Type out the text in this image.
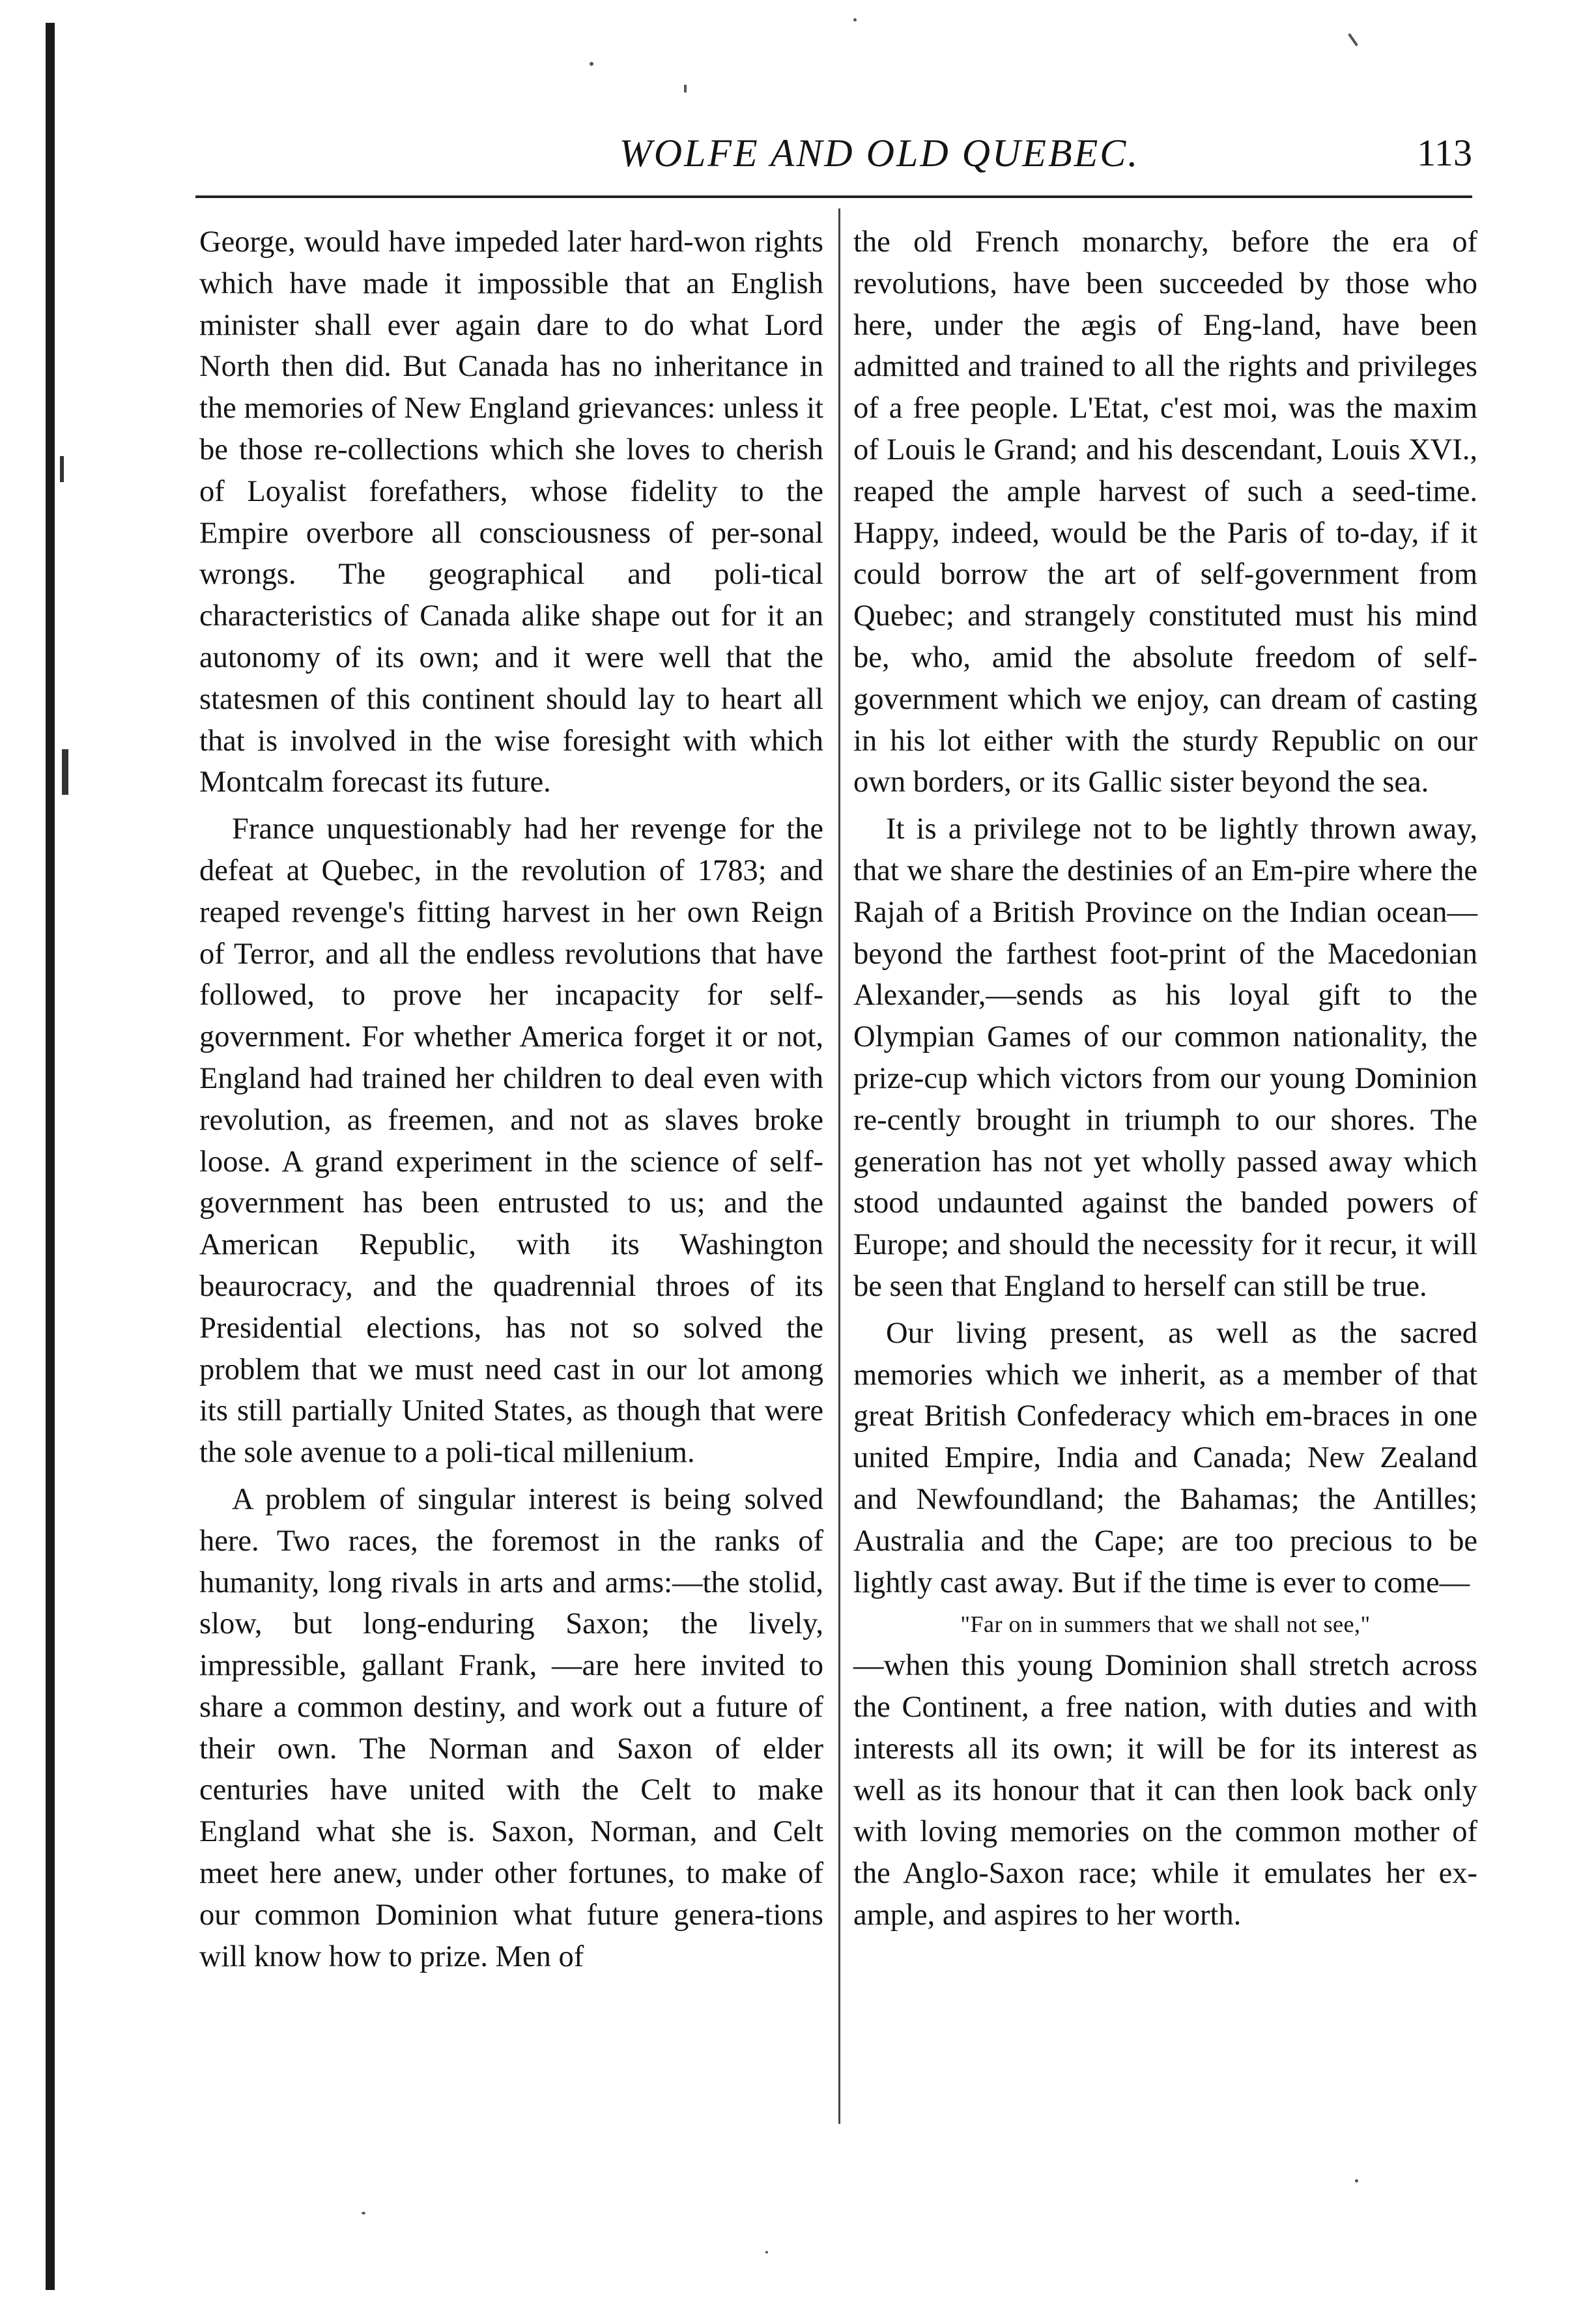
WOLFE AND OLD QUEBEC.	113

George, would have impeded later hard-won rights which have made it impossible that an English minister shall ever again dare to do what Lord North then did. But Canada has no inheritance in the memories of New England grievances: unless it be those re-collections which she loves to cherish of Loyalist forefathers, whose fidelity to the Empire overbore all consciousness of per-sonal wrongs. The geographical and poli-tical characteristics of Canada alike shape out for it an autonomy of its own; and it were well that the statesmen of this continent should lay to heart all that is involved in the wise foresight with which Montcalm forecast its future.

France unquestionably had her revenge for the defeat at Quebec, in the revolution of 1783; and reaped revenge's fitting harvest in her own Reign of Terror, and all the endless revolutions that have followed, to prove her incapacity for self-government. For whether America forget it or not, England had trained her children to deal even with revolution, as freemen, and not as slaves broke loose. A grand experiment in the science of self-government has been entrusted to us; and the American Republic, with its Washington beaurocracy, and the quadrennial throes of its Presidential elections, has not so solved the problem that we must need cast in our lot among its still partially United States, as though that were the sole avenue to a poli-tical millenium.

A problem of singular interest is being solved here. Two races, the foremost in the ranks of humanity, long rivals in arts and arms:—the stolid, slow, but long-enduring Saxon; the lively, impressible, gallant Frank, —are here invited to share a common destiny, and work out a future of their own. The Norman and Saxon of elder centuries have united with the Celt to make England what she is. Saxon, Norman, and Celt meet here anew, under other fortunes, to make of our common Dominion what future genera-tions will know how to prize. Men of

the old French monarchy, before the era of revolutions, have been succeeded by those who here, under the ægis of Eng-land, have been admitted and trained to all the rights and privileges of a free people. L'Etat, c'est moi, was the maxim of Louis le Grand; and his descendant, Louis XVI., reaped the ample harvest of such a seed-time. Happy, indeed, would be the Paris of to-day, if it could borrow the art of self-government from Quebec; and strangely constituted must his mind be, who, amid the absolute freedom of self-government which we enjoy, can dream of casting in his lot either with the sturdy Republic on our own borders, or its Gallic sister beyond the sea.

It is a privilege not to be lightly thrown away, that we share the destinies of an Em-pire where the Rajah of a British Province on the Indian ocean—beyond the farthest foot-print of the Macedonian Alexander,—sends as his loyal gift to the Olympian Games of our common nationality, the prize-cup which victors from our young Dominion re-cently brought in triumph to our shores. The generation has not yet wholly passed away which stood undaunted against the banded powers of Europe; and should the necessity for it recur, it will be seen that England to herself can still be true.

Our living present, as well as the sacred memories which we inherit, as a member of that great British Confederacy which em-braces in one united Empire, India and Canada; New Zealand and Newfoundland; the Bahamas; the Antilles; Australia and the Cape; are too precious to be lightly cast away. But if the time is ever to come—

"Far on in summers that we shall not see,"

—when this young Dominion shall stretch across the Continent, a free nation, with duties and with interests all its own; it will be for its interest as well as its honour that it can then look back only with loving memories on the common mother of the Anglo-Saxon race; while it emulates her ex-ample, and aspires to her worth.
